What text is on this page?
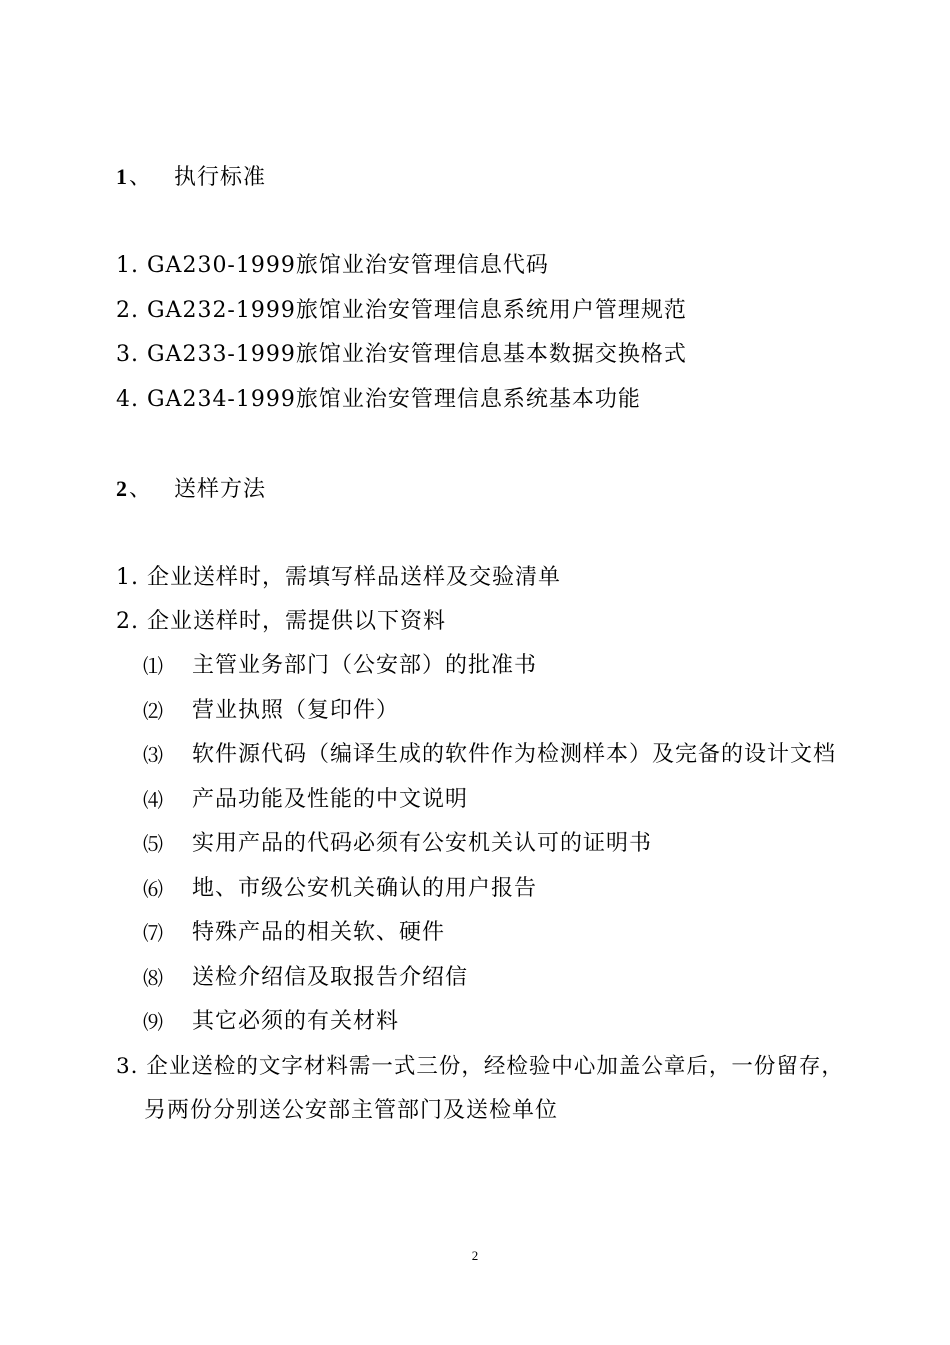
1、 执行标准
1. GA230-1999旅馆业治安管理信息代码
2. GA232-1999旅馆业治安管理信息系统用户管理规范
3. GA233-1999旅馆业治安管理信息基本数据交换格式
4. GA234-1999旅馆业治安管理信息系统基本功能
2、 送样方法
1. 企业送样时，需填写样品送样及交验清单
2. 企业送样时，需提供以下资料
⑴ 主管业务部门（公安部）的批准书
⑵ 营业执照（复印件）
⑶ 软件源代码（编译生成的软件作为检测样本）及完备的设计文档
⑷ 产品功能及性能的中文说明
⑸ 实用产品的代码必须有公安机关认可的证明书
⑹ 地、市级公安机关确认的用户报告
⑺ 特殊产品的相关软、硬件
⑻ 送检介绍信及取报告介绍信
⑼ 其它必须的有关材料
3. 企业送检的文字材料需一式三份，经检验中心加盖公章后，一份留存，
另两份分别送公安部主管部门及送检单位
2
